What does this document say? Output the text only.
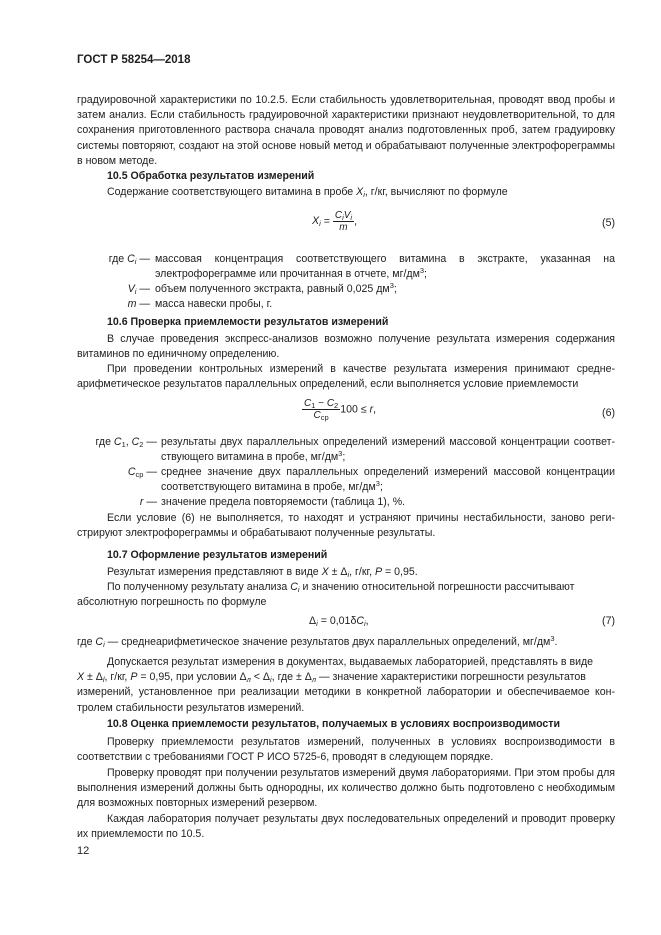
ГОСТ Р 58254—2018

градуировочной характеристики по 10.2.5. Если стабильность удовлетворительная, проводят ввод пробы и затем анализ. Если стабильность градуировочной характеристики признают неудовлетворительной, то для сохранения приготовленного раствора сначала проводят анализ подготовленных проб, затем градуировку системы повторяют, создают на этой основе новый метод и обрабатывают полученные электрофореграммы в новом методе.

10.5 Обработка результатов измерений

Содержание соответствующего витамина в пробе $X_i$, г/кг, вычисляют по формуле

$X_i = \frac{C_iV_i}{m}$ ,	(5)
где $C_i$ — массовая концентрация соответствующего витамина в экстракте, указанная на электрофореграмме или прочитанная в отчете, $мг/дм^3$;
$V_i$ — объем полученного экстракта, равный 0,025 $дм^3$;
m — масса навески пробы, г.
10.6 Проверка приемлемости результатов измерений

В случае проведения экспресс-анализов возможно получение результата измерения содержания витаминов по единичному определению.

При проведении контрольных измерений в качестве результата измерения принимают среднеарифметическое результатов параллельных определений, если выполняется условие приемлемости

$\frac{C_1 - C_2}{C_{ср}} 100 \le r$,	(6)
где $C_1$, $C_2$ — результаты двух параллельных определений измерений массовой концентрации соответствующего витамина в пробе, $мг/дм^3$;
$C_{ср}$ — среднее значение двух параллельных определений измерений массовой концентрации соответствующего витамина в пробе, $мг/дм^3$;
r — значение предела повторяемости (таблица 1), %.

Если условие (6) не выполняется, то находят и устраняют причины нестабильности, заново регистрируют электрофореграммы и обрабатывают полученные результаты.

10.7 Оформление результатов измерений

Результат измерения представляют в виде $X \pm \Delta_i$, г/кг, P = 0,95.

По полученному результату анализа $C_i$ и значению относительной погрешности рассчитывают

абсолютную погрешность по формуле

$\Delta_i = 0,01\delta C_i$,	(7)

где $C_i$ — среднеарифметическое значение результатов двух параллельных определений, $мг/дм^3$.

Допускается результат измерения в документах, выдаваемых лабораторией, представлять в виде

$X \pm \Delta_l$, г/кг, P = 0,95, при условии $\Delta_л < \Delta_i$, где ± $\Delta_л$ — значение характеристики погрешности результатов

измерений, установленное при реализации методики в конкретной лаборатории и обеспечиваемое контролем стабильности результатов измерений.

10.8 Оценка приемлемости результатов, получаемых в условиях воспроизводимости

Проверку приемлемости результатов измерений, полученных в условиях воспроизводимости в соответствии с требованиями ГОСТ Р ИСО 5725-6, проводят в следующем порядке.

Проверку проводят при получении результатов измерений двумя лабораториями. При этом пробы для выполнения измерений должны быть однородны, их количество должно быть подготовлено с необходимым для возможных повторных измерений резервом.

Каждая лаборатория получает результаты двух последовательных определений и проводит проверку их приемлемости по 10.5.

12
